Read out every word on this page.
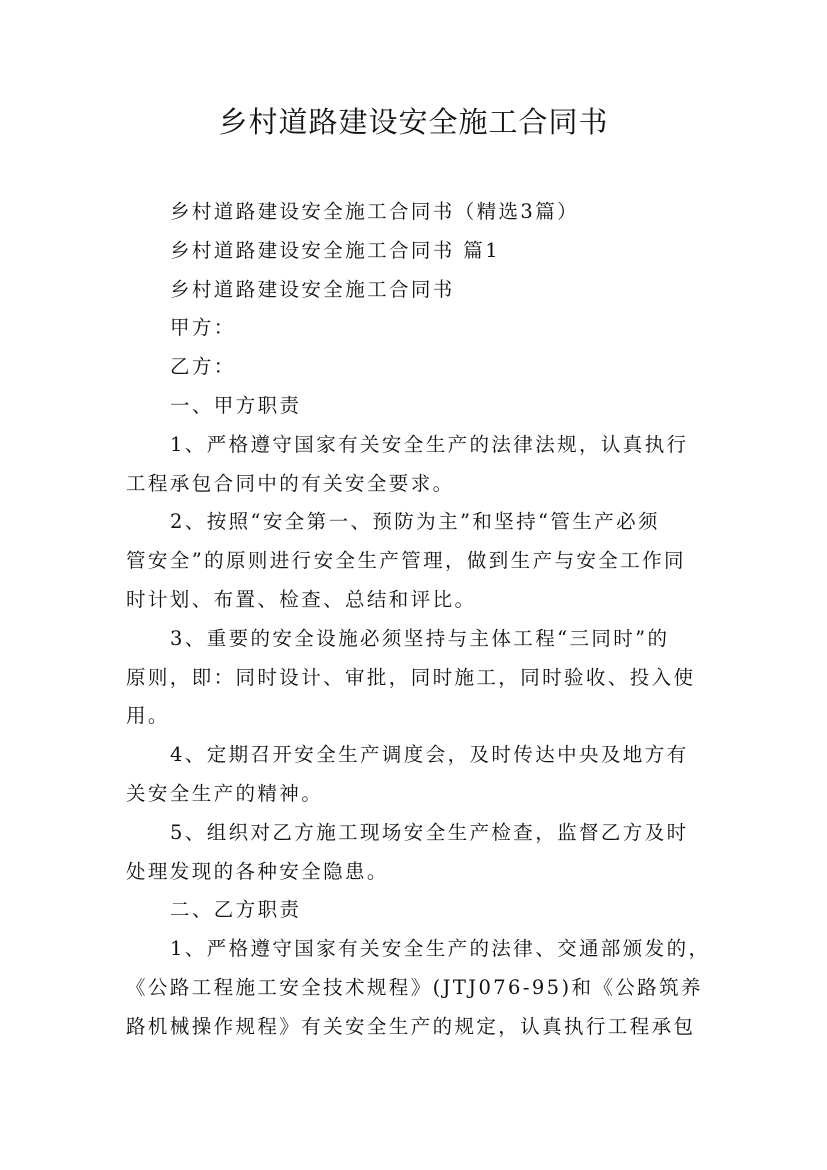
乡村道路建设安全施工合同书
乡村道路建设安全施工合同书（精选3篇）
乡村道路建设安全施工合同书 篇1
乡村道路建设安全施工合同书
甲方：
乙方：
一、甲方职责
1、严格遵守国家有关安全生产的法律法规，认真执行
工程承包合同中的有关安全要求。
2、按照“安全第一、预防为主”和坚持“管生产必须
管安全”的原则进行安全生产管理，做到生产与安全工作同
时计划、布置、检查、总结和评比。
3、重要的安全设施必须坚持与主体工程“三同时”的
原则，即：同时设计、审批，同时施工，同时验收、投入使
用。
4、定期召开安全生产调度会，及时传达中央及地方有
关安全生产的精神。
5、组织对乙方施工现场安全生产检查，监督乙方及时
处理发现的各种安全隐患。
二、乙方职责
1、严格遵守国家有关安全生产的法律、交通部颁发的，
《公路工程施工安全技术规程》(JTJ076-95)和《公路筑养
路机械操作规程》有关安全生产的规定，认真执行工程承包
